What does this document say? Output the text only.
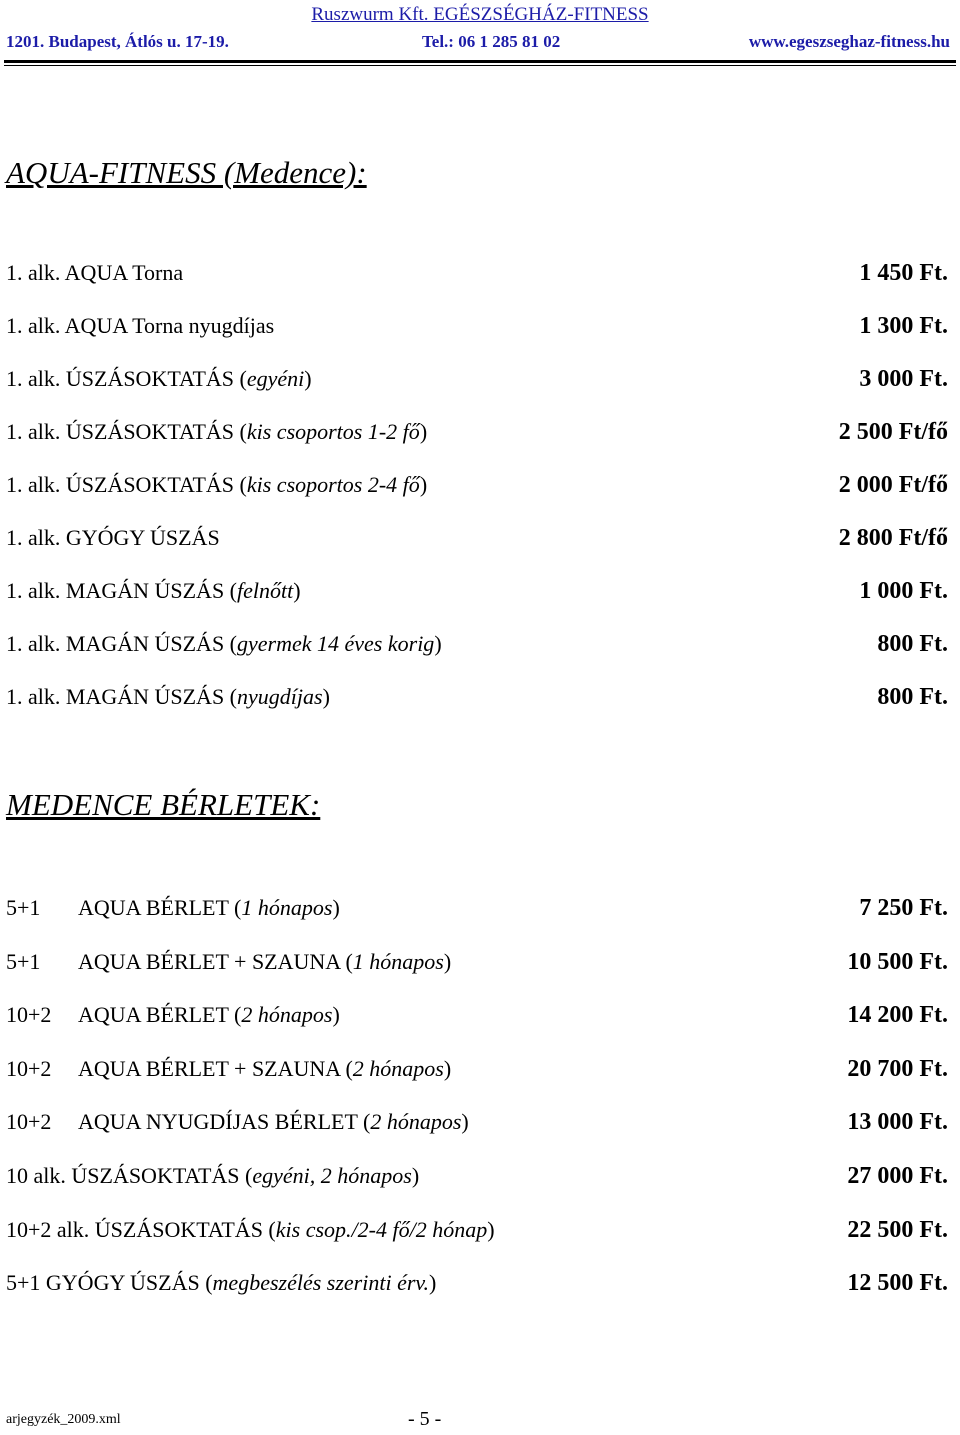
Ruszwurm Kft. EGÉSZSÉGHÁZ-FITNESS
1201. Budapest, Átlós u. 17-19.	Tel.: 06 1 285 81 02	www.egeszseghaz-fitness.hu
AQUA-FITNESS (Medence):
1. alk. AQUA Torna	1 450 Ft.
1. alk. AQUA Torna nyugdíjas	1 300 Ft.
1. alk. ÚSZÁSOKTATÁS (egyéni)	3 000 Ft.
1. alk. ÚSZÁSOKTATÁS (kis csoportos 1-2 fő)	2 500 Ft/fő
1. alk. ÚSZÁSOKTATÁS (kis csoportos 2-4 fő)	2 000 Ft/fő
1. alk. GYÓGY ÚSZÁS	2 800 Ft/fő
1. alk. MAGÁN ÚSZÁS (felnőtt)	1 000 Ft.
1. alk. MAGÁN ÚSZÁS (gyermek 14 éves korig)	800 Ft.
1. alk. MAGÁN ÚSZÁS (nyugdíjas)	800 Ft.
MEDENCE BÉRLETEK:
5+1 AQUA BÉRLET (1 hónapos)	7 250 Ft.
5+1 AQUA BÉRLET + SZAUNA (1 hónapos)	10 500 Ft.
10+2 AQUA BÉRLET (2 hónapos)	14 200 Ft.
10+2 AQUA BÉRLET + SZAUNA (2 hónapos)	20 700 Ft.
10+2 AQUA NYUGDÍJAS BÉRLET (2 hónapos)	13 000 Ft.
10 alk. ÚSZÁSOKTATÁS (egyéni, 2 hónapos)	27 000 Ft.
10+2 alk. ÚSZÁSOKTATÁS (kis csop./2-4 fő/2 hónap)	22 500 Ft.
5+1 GYÓGY ÚSZÁS (megbeszélés szerinti érv.)	12 500 Ft.
arjegyzék_2009.xml	- 5 -
